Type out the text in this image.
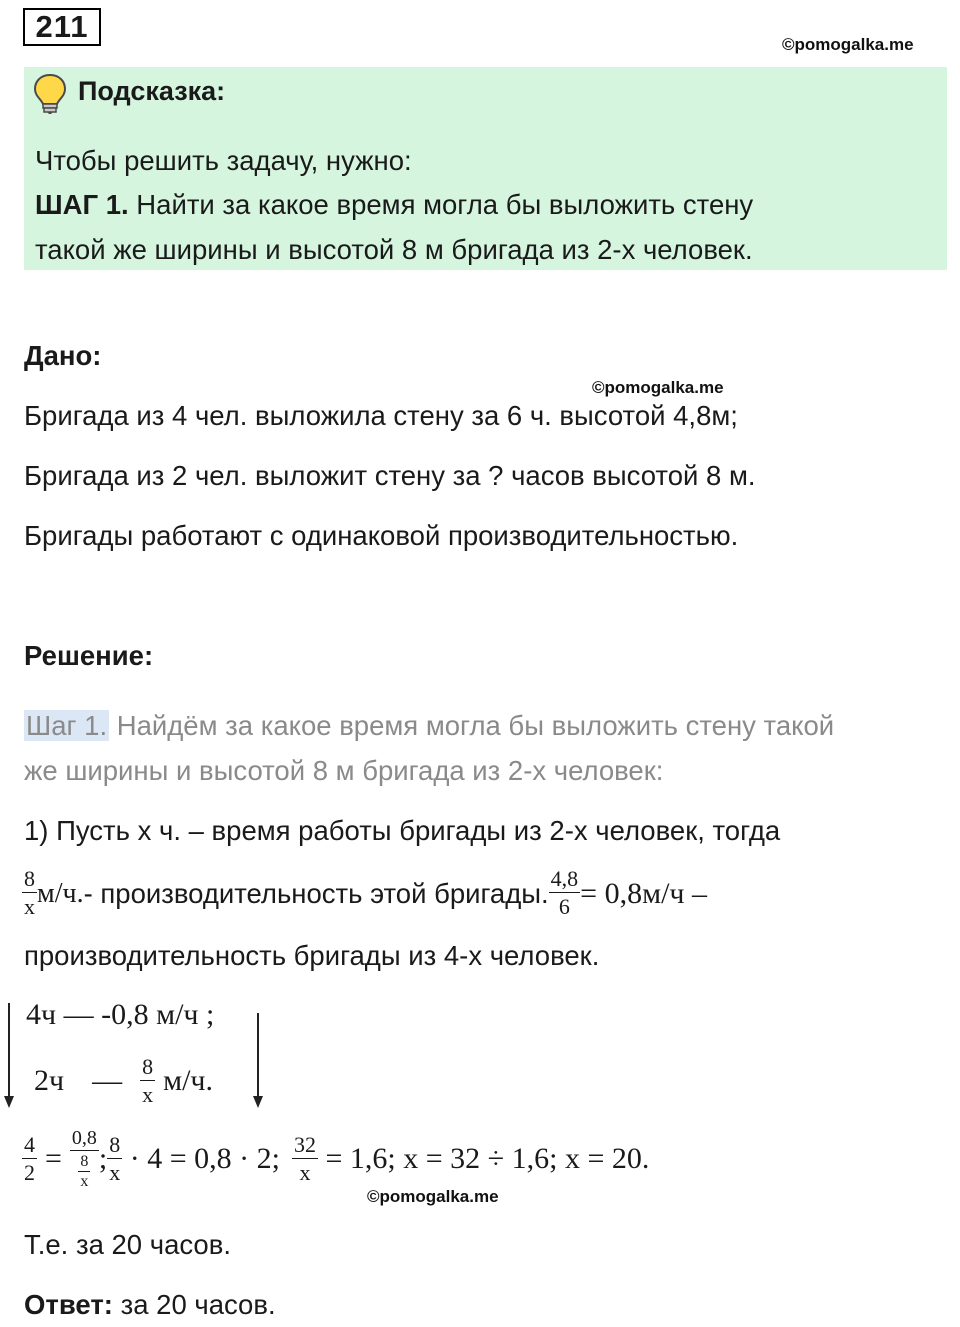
211
©pomogalka.me
Подсказка:
Чтобы решить задачу, нужно:
ШАГ 1. Найти за какое время могла бы выложить стену
такой же ширины и высотой 8 м бригада из 2-х человек.
Дано:
©pomogalka.me
Бригада из 4 чел. выложила стену за 6 ч. высотой 4,8м;
Бригада из 2 чел. выложит стену за ? часов высотой 8 м.
Бригады работают с одинаковой производительностью.
Решение:
Шаг 1. Найдём за какое время могла бы выложить стену такой
же ширины и высотой 8 м бригада из 2-х человек:
1) Пусть х ч. – время работы бригады из 2-х человек, тогда
$\frac{8}{x} м/ч$. - производительность этой бригады. $\frac{4,8}{6} = 0,8м/ч$ –
производительность бригады из 4-х человек.
4ч — -0,8 м/ч ;
2ч — $\frac{8}{x} м/ч$.
$\frac{4}{2} = \frac{0,8}{\frac{8}{x}}$ ; $\frac{8}{x} \cdot 4 = 0,8 \cdot 2$; $\frac{32}{x} = 1,6$; x = 32 ÷ 1,6; x = 20.
©pomogalka.me
Т.е. за 20 часов.
Ответ: за 20 часов.
